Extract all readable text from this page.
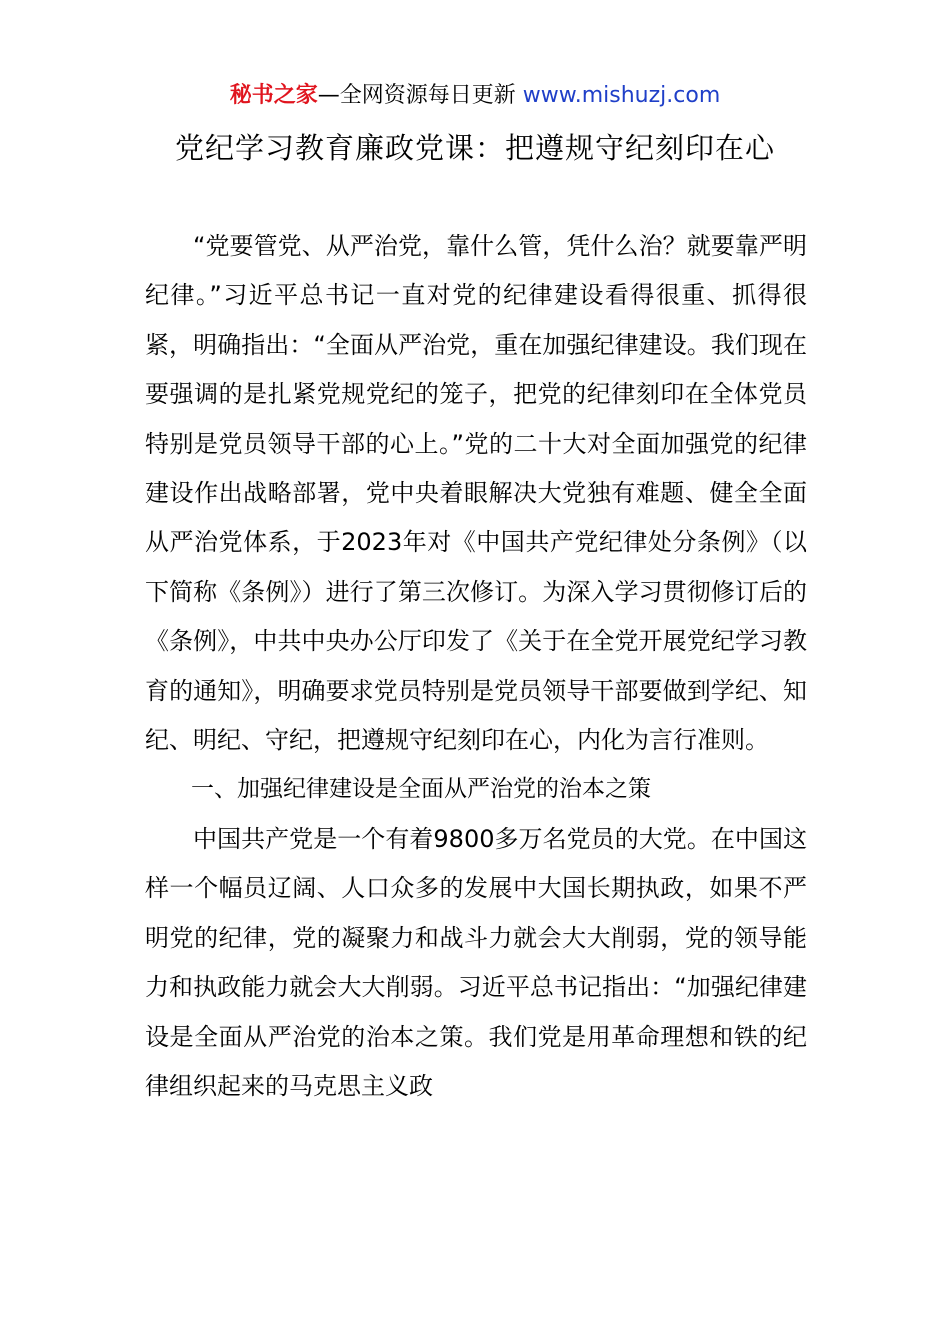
秘书之家—全网资源每日更新 www.mishuzj.com
党纪学习教育廉政党课：把遵规守纪刻印在心

“党要管党、从严治党，靠什么管，凭什么治？就要靠严明纪律。”习近平总书记一直对党的纪律建设看得很重、抓得很紧，明确指出：“全面从严治党，重在加强纪律建设。我们现在要强调的是扎紧党规党纪的笼子，把党的纪律刻印在全体党员特别是党员领导干部的心上。”党的二十大对全面加强党的纪律建设作出战略部署，党中央着眼解决大党独有难题、健全全面从严治党体系，于2023年对《中国共产党纪律处分条例》（以下简称《条例》）进行了第三次修订。为深入学习贯彻修订后的《条例》，中共中央办公厅印发了《关于在全党开展党纪学习教育的通知》，明确要求党员特别是党员领导干部要做到学纪、知纪、明纪、守纪，把遵规守纪刻印在心，内化为言行准则。

一、加强纪律建设是全面从严治党的治本之策

中国共产党是一个有着9800多万名党员的大党。在中国这样一个幅员辽阔、人口众多的发展中大国长期执政，如果不严明党的纪律，党的凝聚力和战斗力就会大大削弱，党的领导能力和执政能力就会大大削弱。习近平总书记指出：“加强纪律建设是全面从严治党的治本之策。我们党是用革命理想和铁的纪律组织起来的马克思主义政
